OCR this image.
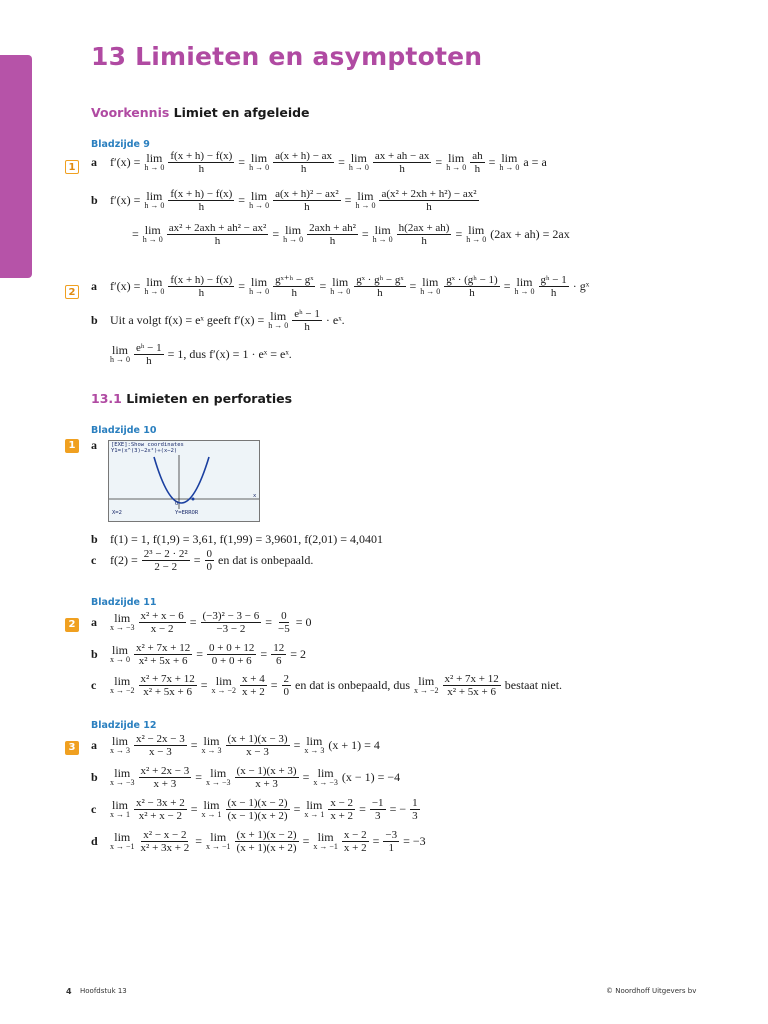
13 Limieten en asymptoten
Voorkennis Limiet en afgeleide
Bladzijde 9
1 a	f′(x) = lim
$h \to 0 \frac{f(x + h) - f(x)}{h} = \lim$
$h \to 0 \frac{a(x + h) - ax}{h} = \lim$
$h \to 0 \frac{ax + ah - ax}{h} = \lim$
$h \to 0 \frac{ah}{h} = \lim$
h → 0 a = a
b	f′(x) = lim
$h \to 0 \frac{f(x + h) - f(x)}{h} = \lim$
$h \to 0 \frac{\text{a(x + h)² − ax²}}{h} = \lim$
h → 0
a(x² + 2xh + h²) − ax²
h
= lim
h → 0
ax² + 2axh + ah² − ax²
h	= lim
h → 0
2axh + ah²
h = lim
$h \to 0 \frac{h(2ax + ah)}{h} = \lim$
h → 0 (2ax + ah) = 2ax
2 a	f′(x) = lim
$h \to 0 \frac{f(x + h) - f(x)}{h} = \lim$
$h \to 0 \frac{\text{gˣ⁺ʰ − gˣ}}{h} = \lim$
$h \to 0 \frac{\text{gˣ · gʰ − gˣ}}{h} = \lim$
$h \to 0 \frac{\text{gˣ · (gʰ − 1)}}{h} = \lim$
h → 0
gʰ − 1
h · gˣ
b	Uit a volgt f(x) = eˣ geeft f′(x) = lim
h → 0
eʰ − 1
h · eˣ.
lim
$h \to 0 \frac{\text{eʰ − 1}}{h} = 1$, dus f′(x) = 1 · eˣ = eˣ.
13.1 Limieten en perforaties
Bladzijde 10
1 a	[EXE]:Show coordinates
Y1=(x^(3)−2x²)÷(x−2)
x
O
X=2	Y=ERROR
b	f(1) = 1, f(1,9) = 3,61, f(1,99) = 3,9601, f(2,01) = 4,0401
c	$f(2) = \frac{\text{2³ − 2 · 2²}}{2 - 2} = \frac{0}{0}$ en dat is onbepaald.
Bladzijde 11
2 a	lim
$x \to -3 \frac{\text{x² + x − 6}}{x - 2} = \frac{\text{(−3)² − 3 − 6}}{-3 - 2} = \frac{0}{-5} = 0$
b	lim
$x \to 0 \frac{\text{x² + 7x + 12}}{\text{x² + 5x + 6}} = \frac{0 + 0 + 12}{0 + 0 + 6} = \frac{12}{6} = 2$
c	lim
$x \to -2 \frac{\text{x² + 7x + 12}}{\text{x² + 5x + 6}} = \lim$
$x \to -2 \frac{x + 4}{x + 2} = \frac{2}{0}$ en dat is onbepaald, dus lim
x → −2
x² + 7x + 12
x² + 5x + 6 bestaat niet.
Bladzijde 12
3 a	lim
$x \to 3 \frac{\text{x² − 2x − 3}}{x - 3} = \lim$
$x \to 3 \frac{(x + 1)(x - 3)}{x - 3} = \lim$
x → 3 (x + 1) = 4
b	lim
$x \to -3 \frac{\text{x² + 2x − 3}}{x + 3} = \lim$
$x \to -3 \frac{(x - 1)(x + 3)}{x + 3} = \lim$
x → −3 (x − 1) = −4
c	lim
$x \to 1 \frac{\text{x² − 3x + 2}}{\text{x² + x − 2}} = \lim$
$x \to 1 \frac{(x - 1)(x - 2)}{(x - 1)(x + 2)} = \lim$
$x \to 1 \frac{x - 2}{x + 2} = \frac{-1}{3}$ = − $\frac{1}{3}$
d	lim
$x \to -1 \frac{\text{x² − x − 2}}{\text{x² + 3x + 2}} = \lim$
$x \to -1 \frac{(x + 1)(x - 2)}{(x + 1)(x + 2)} = \lim$
$x \to -1 \frac{x - 2}{x + 2} = \frac{-3}{1} = -3$
4 Hoofdstuk 13	© Noordhoff Uitgevers bv
